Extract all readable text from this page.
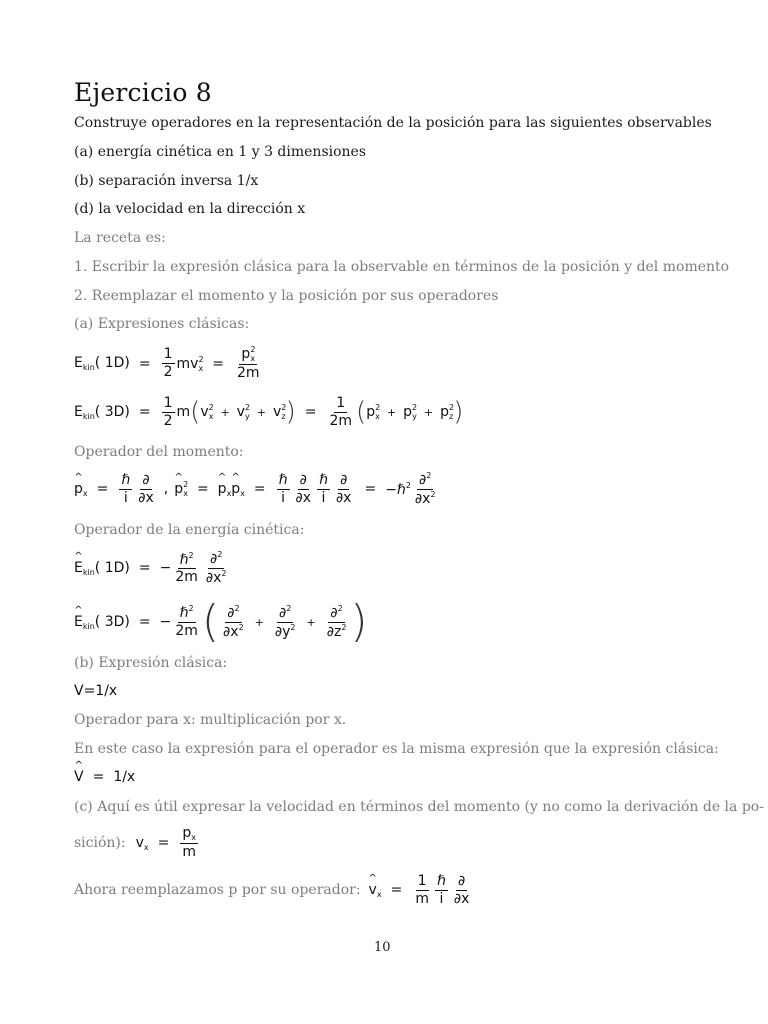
Ejercicio 8
Construye operadores en la representación de la posición para las siguientes observables
(a) energía cinética en 1 y 3 dimensiones
(b) separación inversa 1/x
(d) la velocidad en la dirección x
La receta es:
1. Escribir la expresión clásica para la observable en términos de la posición y del momento
2. Reemplazar el momento y la posición por sus operadores
(a) Expresiones clásicas:
$E_{kin}$( $1D) = \frac{1}{2} mv^2_x = \frac{p^2_x}{2m}$
$E_{kin}$( $3D) = \frac{1}{2}$ m ( $v^2_x + v^2_y + v^2_z$ ) = $\frac{1}{2m}$ ( $p^2_x + p^2_y + p^2_z$ )
Operador del momento:
^ $p_x = \frac{\text{ℏ}}{i} \frac{\partial}{\partial x}$ , ^ $p^2_x$ = ^ $p_x\^{}$ $p_x = \frac{\text{ℏ}}{i} \frac{\partial}{\partial x} \frac{\text{ℏ}}{i} \frac{\partial}{\partial x}$ = −ℏ$^2$ $\frac{\partial^2}{\partial x^2}$
Operador de la energía cinética:
^ $E_{kin}$( 1D) = − $\frac{\hbar^2}{2m} \frac{\partial^2}{\partial x^2}$
^ $E_{kin}$( 3D) = − $\frac{\hbar^2}{2m}$ ( $\frac{\partial^2}{\partial x^2} + \frac{\partial^2}{\partial y^2} + \frac{\partial^2}{\partial z^2}$ )
(b) Expresión clásica:
V=1/x
Operador para x: multiplicación por x.
En este caso la expresión para el operador es la misma expresión que la expresión clásica:
^ V = 1/x
(c) Aquí es útil expresar la velocidad en términos del momento (y no como la derivación de la po-
sición): $v_x = \frac{p_x}{m}$
Ahora reemplazamos p por su operador: ^ $v_x = \frac{1}{m} \frac{\text{ℏ}}{i} \frac{\partial}{\partial x}$
10
